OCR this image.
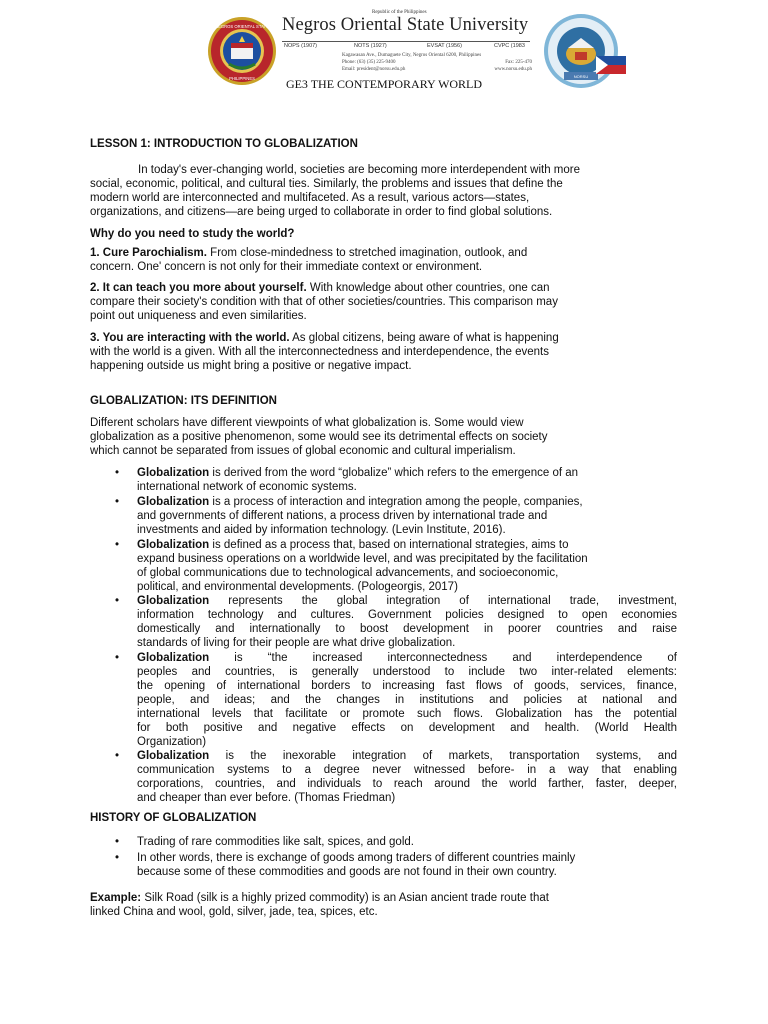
NEGROS ORIENTAL STATE
PHILIPPINES
Republic of the Philippines
Negros Oriental State University
NOPS (1907)	NOTS (1927)	EVSAT (1956)	CVPC (1983
Kagawasan Ave., Dumaguete City, Negros Oriental 6200, Philippines
Phone: (63) (35) 225-9400	Fax: 225-470
Email: president@norsu.edu.ph	www.norsu.edu.ph
NORSU
GE3 THE CONTEMPORARY WORLD
LESSON 1: INTRODUCTION TO GLOBALIZATION
In today's ever-changing world, societies are becoming more interdependent with more
social, economic, political, and cultural ties. Similarly, the problems and issues that define the
modern world are interconnected and multifaceted. As a result, various actors—states,
organizations, and citizens—are being urged to collaborate in order to find global solutions.
Why do you need to study the world?
1. Cure Parochialism. From close-mindedness to stretched imagination, outlook, and
concern. One' concern is not only for their immediate context or environment.
2. It can teach you more about yourself. With knowledge about other countries, one can
compare their society's condition with that of other societies/countries. This comparison may
point out uniqueness and even similarities.
3. You are interacting with the world. As global citizens, being aware of what is happening
with the world is a given. With all the interconnectedness and interdependence, the events
happening outside us might bring a positive or negative impact.
GLOBALIZATION: ITS DEFINITION
Different scholars have different viewpoints of what globalization is. Some would view
globalization as a positive phenomenon, some would see its detrimental effects on society
which cannot be separated from issues of global economic and cultural imperialism.
• Globalization is derived from the word “globalize” which refers to the emergence of an
international network of economic systems.
• Globalization is a process of interaction and integration among the people, companies,
and governments of different nations, a process driven by international trade and
investments and aided by information technology. (Levin Institute, 2016).
• Globalization is defined as a process that, based on international strategies, aims to
expand business operations on a worldwide level, and was precipitated by the facilitation
of global communications due to technological advancements, and socioeconomic,
political, and environmental developments. (Pologeorgis, 2017)
• Globalization represents the global integration of international trade, investment,
information technology and cultures. Government policies designed to open economies
domestically and internationally to boost development in poorer countries and raise
standards of living for their people are what drive globalization.
• Globalization is “the increased interconnectedness and interdependence of
peoples and countries, is generally understood to include two inter-related elements:
the opening of international borders to increasing fast flows of goods, services, finance,
people, and ideas; and the changes in institutions and policies at national and
international levels that facilitate or promote such flows. Globalization has the potential
for both positive and negative effects on development and health. (World Health
Organization)
• Globalization is the inexorable integration of markets, transportation systems, and
communication systems to a degree never witnessed before- in a way that enabling
corporations, countries, and individuals to reach around the world farther, faster, deeper,
and cheaper than ever before. (Thomas Friedman)
HISTORY OF GLOBALIZATION
• Trading of rare commodities like salt, spices, and gold.
• In other words, there is exchange of goods among traders of different countries mainly
because some of these commodities and goods are not found in their own country.
Example: Silk Road (silk is a highly prized commodity) is an Asian ancient trade route that
linked China and wool, gold, silver, jade, tea, spices, etc.
